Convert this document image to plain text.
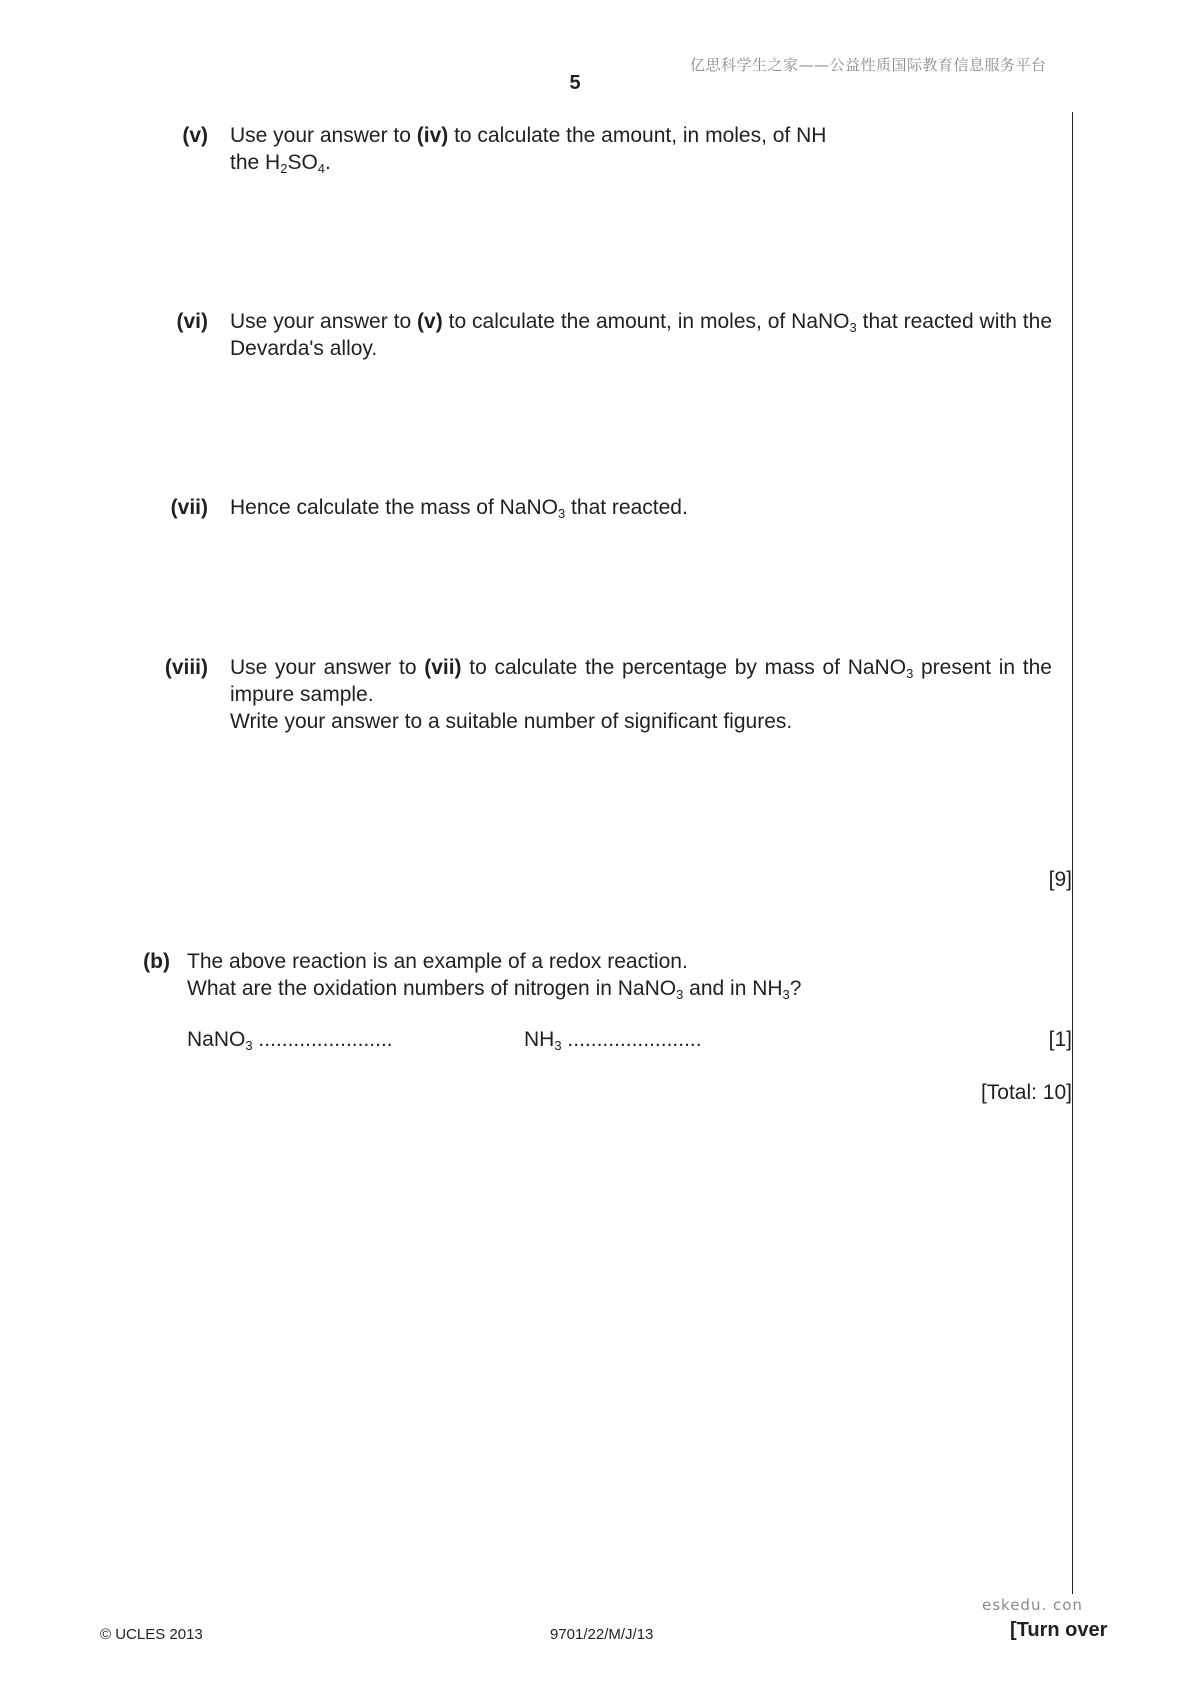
亿思科学生之家——公益性质国际教育信息服务平台
5
(v) Use your answer to (iv) to calculate the amount, in moles, of NH
the $H_2SO_4$.
(vi) Use your answer to (v) to calculate the amount, in moles, of NaNO$_3$ that reacted with the Devarda's alloy.
(vii) Hence calculate the mass of NaNO$_3$ that reacted.
(viii) Use your answer to (vii) to calculate the percentage by mass of NaNO$_3$ present in the impure sample.
Write your answer to a suitable number of significant figures.
[9]
(b) The above reaction is an example of a redox reaction.
What are the oxidation numbers of nitrogen in NaNO$_3$ and in $NH_3$?
NaNO$_3$ .......................	$NH_3$ .......................	[1]
[Total: 10]
eskedu. con
© UCLES 2013	9701/22/M/J/13	[Turn over
